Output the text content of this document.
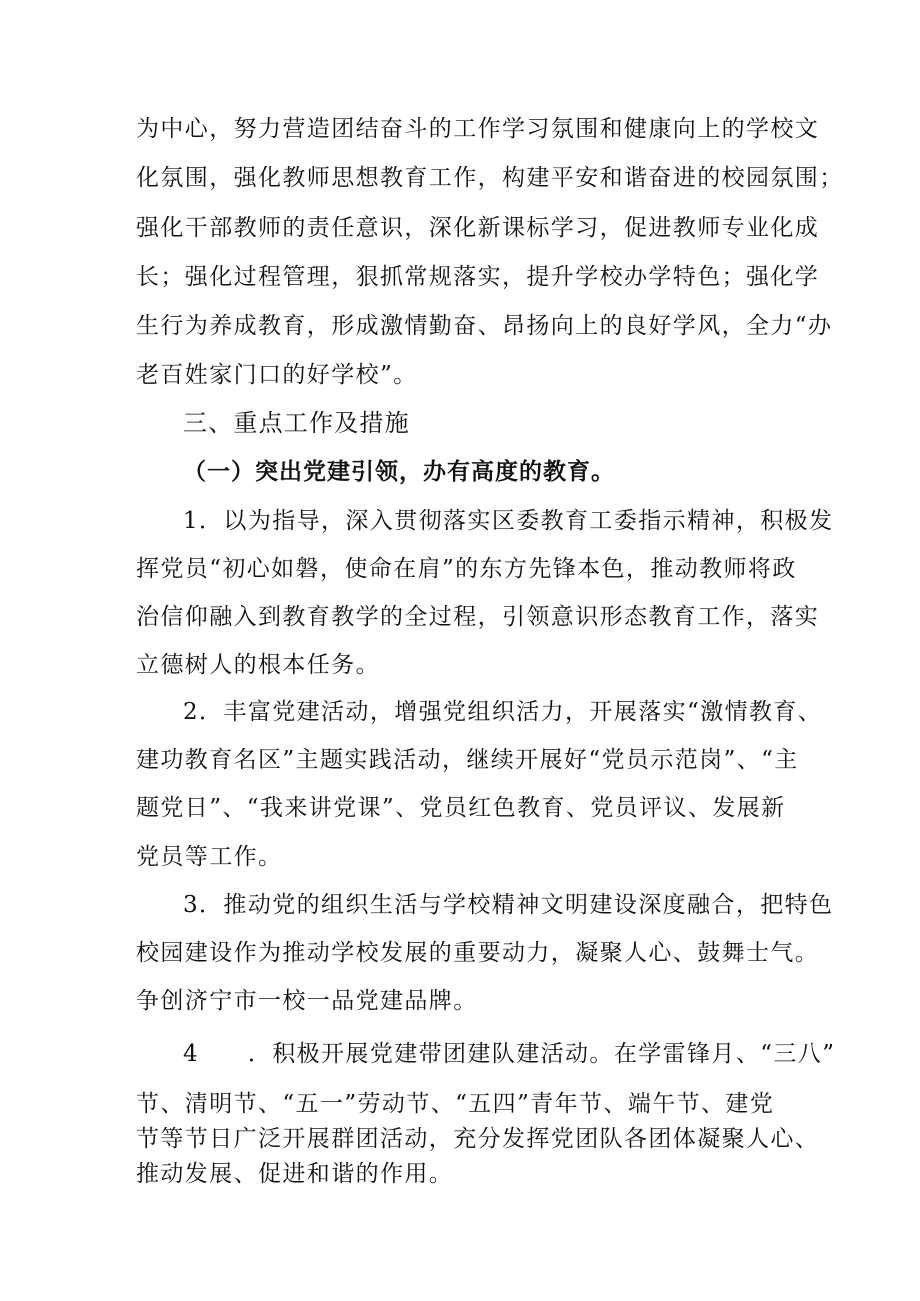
为中心，努力营造团结奋斗的工作学习氛围和健康向上的学校文
化氛围，强化教师思想教育工作，构建平安和谐奋进的校园氛围；
强化干部教师的责任意识，深化新课标学习，促进教师专业化成
长；强化过程管理，狠抓常规落实，提升学校办学特色；强化学
生行为养成教育，形成激情勤奋、昂扬向上的良好学风，全力“办
老百姓家门口的好学校”。
三、重点工作及措施
（一）突出党建引领，办有高度的教育。
1．以为指导，深入贯彻落实区委教育工委指示精神，积极发
挥党员“初心如磐，使命在肩”的东方先锋本色，推动教师将政
治信仰融入到教育教学的全过程，引领意识形态教育工作，落实
立德树人的根本任务。
2．丰富党建活动，增强党组织活力，开展落实“激情教育、
建功教育名区”主题实践活动，继续开展好“党员示范岗”、“主
题党日”、“我来讲党课”、党员红色教育、党员评议、发展新
党员等工作。
3．推动党的组织生活与学校精神文明建设深度融合，把特色
校园建设作为推动学校发展的重要动力，凝聚人心、鼓舞士气。
争创济宁市一校一品党建品牌。
4　　．积极开展党建带团建队建活动。在学雷锋月、“三八”
节、清明节、“五一”劳动节、“五四”青年节、端午节、建党
节等节日广泛开展群团活动，充分发挥党团队各团体凝聚人心、
推动发展、促进和谐的作用。
